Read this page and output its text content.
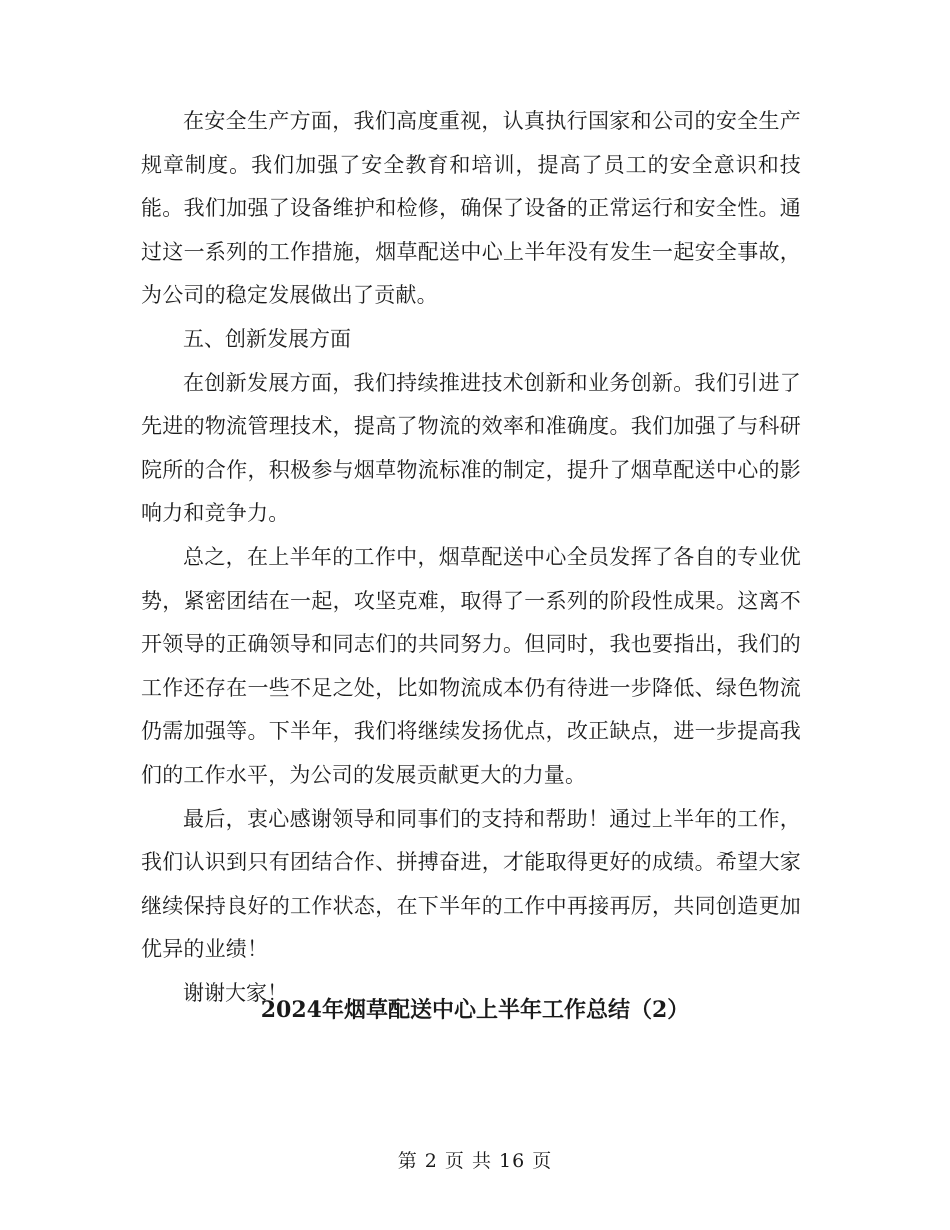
在安全生产方面，我们高度重视，认真执行国家和公司的安全生产规章制度。我们加强了安全教育和培训，提高了员工的安全意识和技能。我们加强了设备维护和检修，确保了设备的正常运行和安全性。通过这一系列的工作措施，烟草配送中心上半年没有发生一起安全事故，为公司的稳定发展做出了贡献。

五、创新发展方面

在创新发展方面，我们持续推进技术创新和业务创新。我们引进了先进的物流管理技术，提高了物流的效率和准确度。我们加强了与科研院所的合作，积极参与烟草物流标准的制定，提升了烟草配送中心的影响力和竞争力。

总之，在上半年的工作中，烟草配送中心全员发挥了各自的专业优势，紧密团结在一起，攻坚克难，取得了一系列的阶段性成果。这离不开领导的正确领导和同志们的共同努力。但同时，我也要指出，我们的工作还存在一些不足之处，比如物流成本仍有待进一步降低、绿色物流仍需加强等。下半年，我们将继续发扬优点，改正缺点，进一步提高我们的工作水平，为公司的发展贡献更大的力量。

最后，衷心感谢领导和同事们的支持和帮助！通过上半年的工作，我们认识到只有团结合作、拼搏奋进，才能取得更好的成绩。希望大家继续保持良好的工作状态，在下半年的工作中再接再厉，共同创造更加优异的业绩！

谢谢大家！

2024年烟草配送中心上半年工作总结（2）
第 2 页 共 16 页
